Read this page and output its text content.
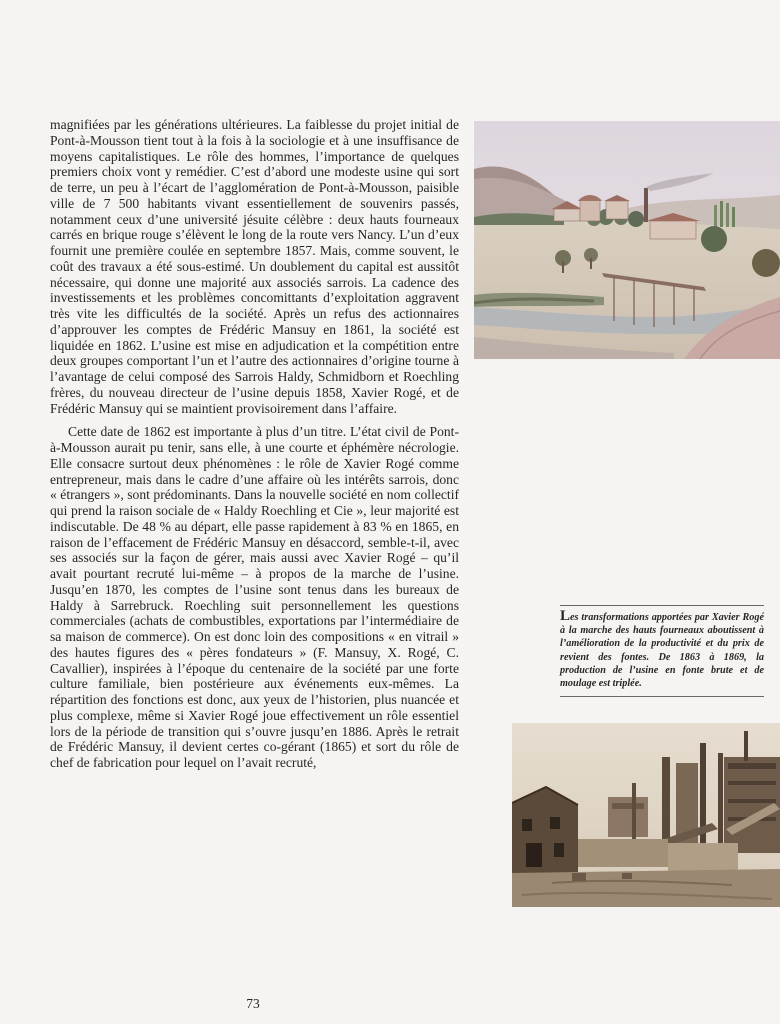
magnifiées par les générations ultérieures. La faiblesse du projet initial de Pont-à-Mousson tient tout à la fois à la sociologie et à une insuffisance de moyens capitalistiques. Le rôle des hommes, l’importance de quelques premiers choix vont y remédier. C’est d’abord une modeste usine qui sort de terre, un peu à l’écart de l’agglomération de Pont-à-Mousson, paisible ville de 7 500 habitants vivant essentiellement de souvenirs passés, notamment ceux d’une université jésuite célèbre : deux hauts fourneaux carrés en brique rouge s’élèvent le long de la route vers Nancy. L’un d’eux fournit une première coulée en septembre 1857. Mais, comme souvent, le coût des travaux a été sous-estimé. Un doublement du capital est aussitôt nécessaire, qui donne une majorité aux associés sarrois. La cadence des investissements et les problèmes concomittants d’exploitation aggravent très vite les difficultés de la société. Après un refus des actionnaires d’approuver les comptes de Frédéric Mansuy en 1861, la société est liquidée en 1862. L’usine est mise en adjudication et la compétition entre deux groupes comportant l’un et l’autre des actionnaires d’origine tourne à l’avantage de celui composé des Sarrois Haldy, Schmidborn et Roechling frères, du nouveau directeur de l’usine depuis 1858, Xavier Rogé, et de Frédéric Mansuy qui se maintient provisoirement dans l’affaire.

Cette date de 1862 est importante à plus d’un titre. L’état civil de Pont-à-Mousson aurait pu tenir, sans elle, à une courte et éphémère nécrologie. Elle consacre surtout deux phénomènes : le rôle de Xavier Rogé comme entrepreneur, mais dans le cadre d’une affaire où les intérêts sarrois, donc « étrangers », sont prédominants. Dans la nouvelle société en nom collectif qui prend la raison sociale de « Haldy Roechling et Cie », leur majorité est indiscutable. De 48 % au départ, elle passe rapidement à 83 % en 1865, en raison de l’effacement de Frédéric Mansuy en désaccord, semble-t-il, avec ses associés sur la façon de gérer, mais aussi avec Xavier Rogé – qu’il avait pourtant recruté lui-même – à propos de la marche de l’usine. Jusqu’en 1870, les comptes de l’usine sont tenus dans les bureaux de Haldy à Sarrebruck. Roechling suit personnellement les questions commerciales (achats de combustibles, exportations par l’intermédiaire de sa maison de commerce). On est donc loin des compositions « en vitrail » des hautes figures des « pères fondateurs » (F. Mansuy, X. Rogé, C. Cavallier), inspirées à l’époque du centenaire de la société par une forte culture familiale, bien postérieure aux événements eux-mêmes. La répartition des fonctions est donc, aux yeux de l’historien, plus nuancée et plus complexe, même si Xavier Rogé joue effectivement un rôle essentiel lors de la période de transition qui s’ouvre jusqu’en 1886. Après le retrait de Frédéric Mansuy, il devient certes co-gérant (1865) et sort du rôle de chef de fabrication pour lequel on l’avait recruté,

Les transformations apportées par Xavier Rogé à la marche des hauts fourneaux aboutissent à l’amélioration de la productivité et du prix de revient des fontes. De 1863 à 1869, la production de l’usine en fonte brute et de moulage est triplée.
73
